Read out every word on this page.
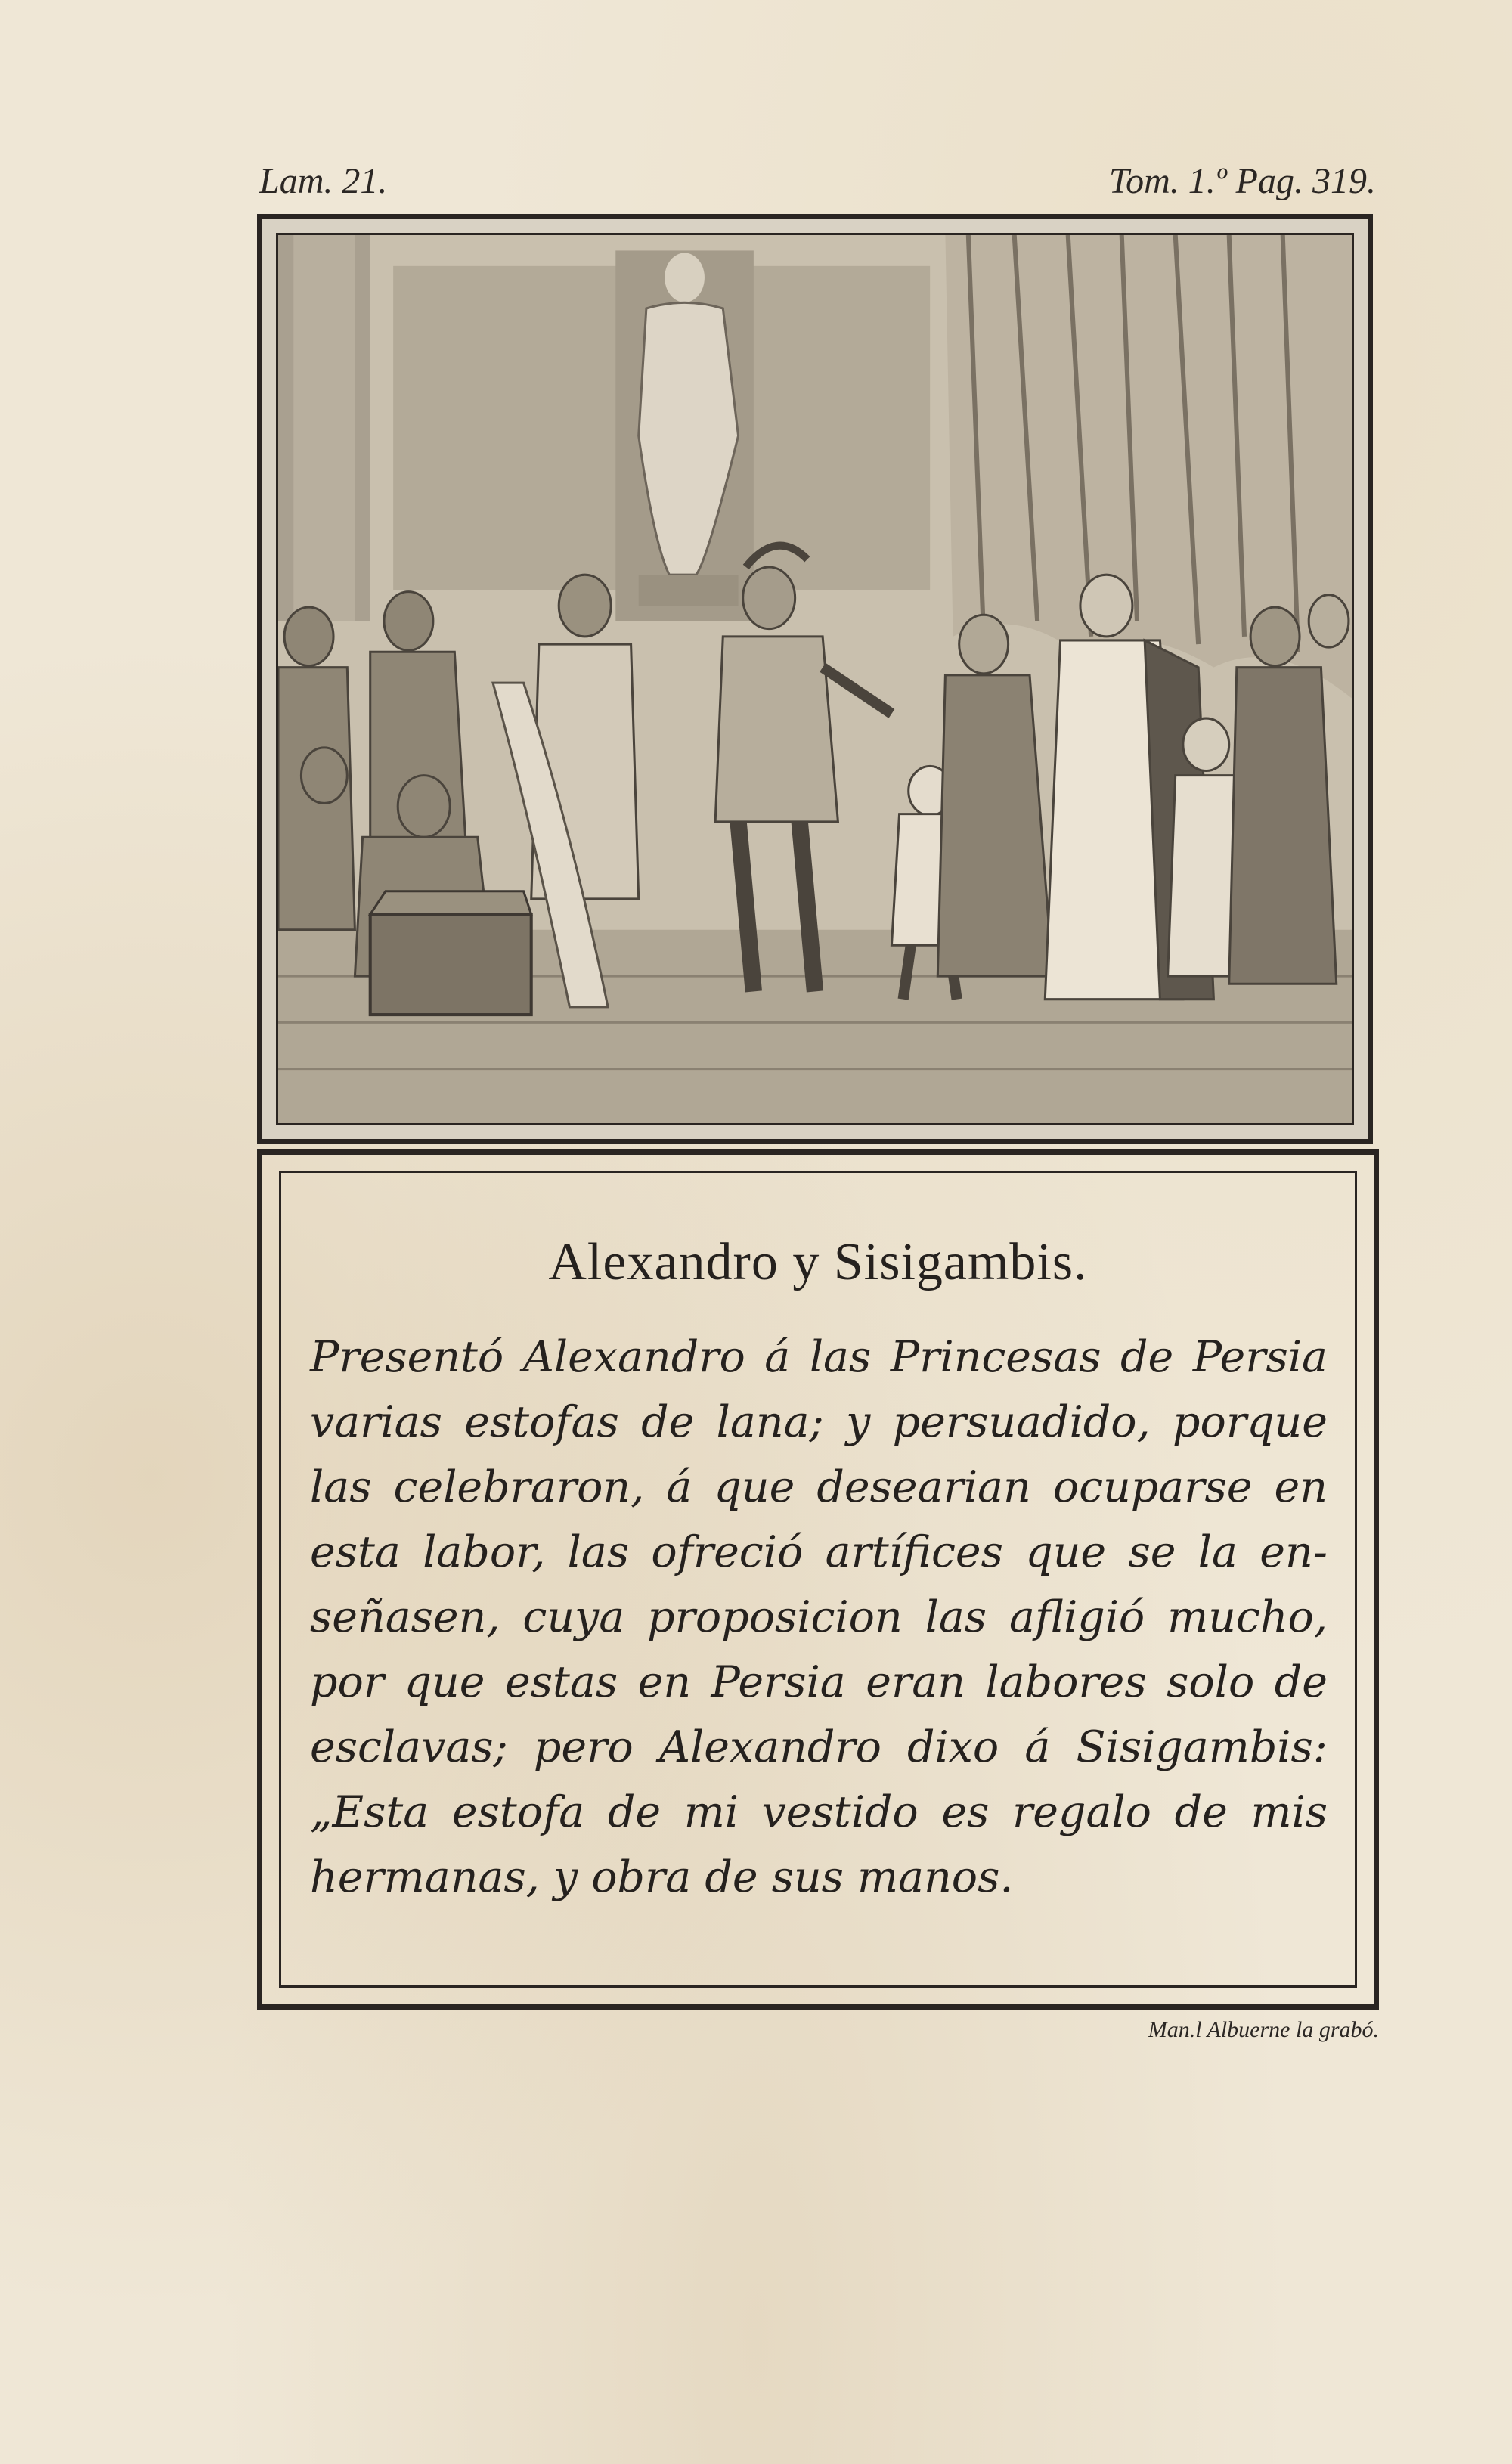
Lam. 21.	Tom. 1.º Pag. 319.
Alexandro y Sisigambis.
Presentó Alexandro á las Princesas de Persia
varias estofas de lana; y persuadido, porque
las celebraron, á que desearian ocuparse en
esta labor, las ofreció artífices que se la en-
señasen, cuya proposicion las afligió mucho,
por que estas en Persia eran labores solo de
esclavas; pero Alexandro dixo á Sisigambis:
„Esta estofa de mi vestido es regalo de mis
hermanas, y obra de sus manos.
Man.l Albuerne la grabó.
